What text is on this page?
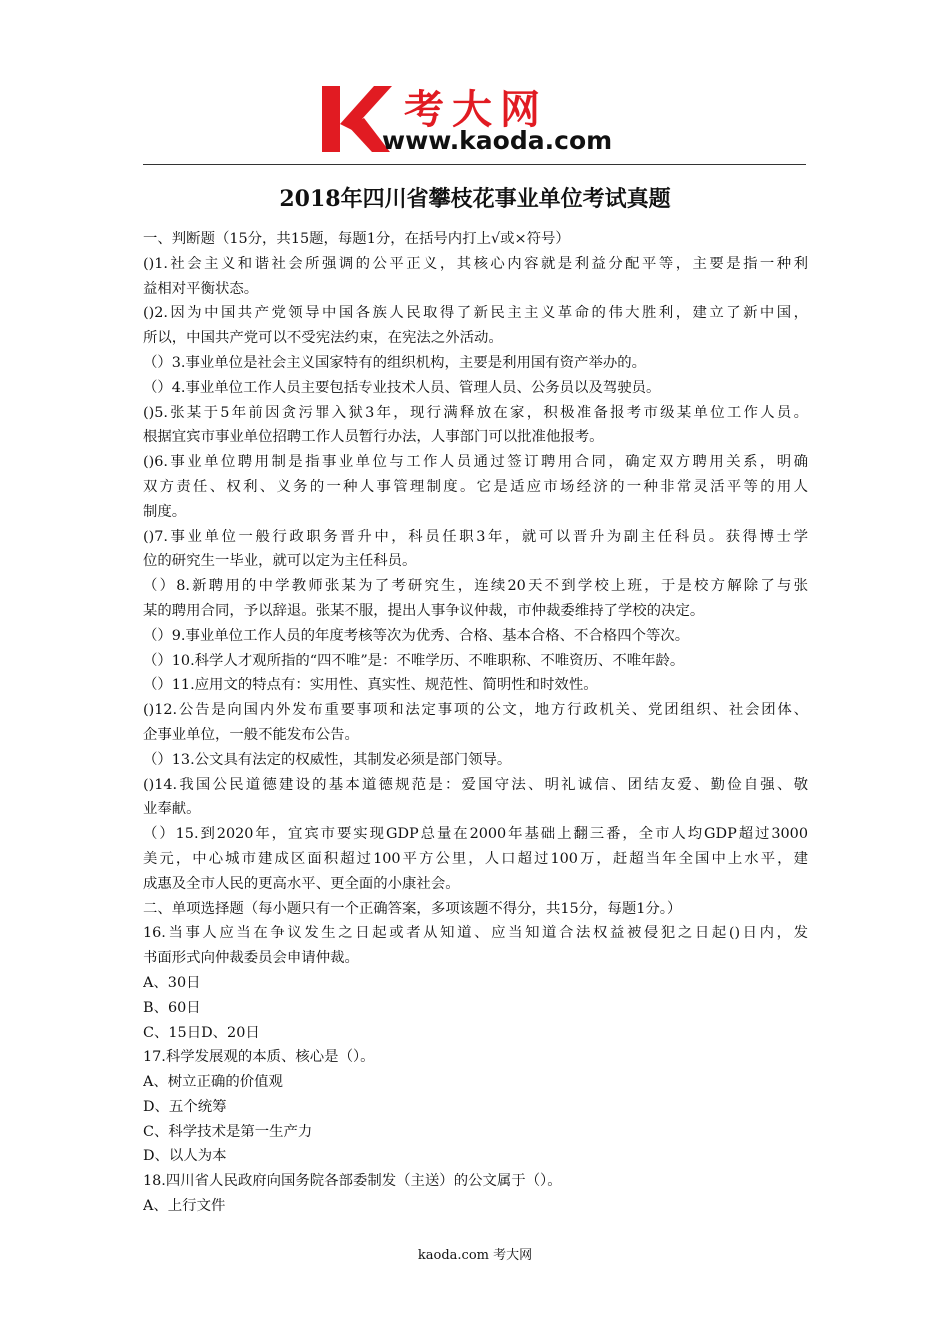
考大网
www.kaoda.com
2018年四川省攀枝花事业单位考试真题
一、判断题（15分，共15题，每题1分，在括号内打上√或×符号）
()1.社会主义和谐社会所强调的公平正义，其核心内容就是利益分配平等，主要是指一种利
益相对平衡状态。
()2.因为中国共产党领导中国各族人民取得了新民主主义革命的伟大胜利，建立了新中国，
所以，中国共产党可以不受宪法约束，在宪法之外活动。
（）3.事业单位是社会主义国家特有的组织机构，主要是利用国有资产举办的。
（）4.事业单位工作人员主要包括专业技术人员、管理人员、公务员以及驾驶员。
()5.张某于5年前因贪污罪入狱3年，现行满释放在家，积极准备报考市级某单位工作人员。
根据宜宾市事业单位招聘工作人员暂行办法，人事部门可以批准他报考。
()6.事业单位聘用制是指事业单位与工作人员通过签订聘用合同，确定双方聘用关系，明确
双方责任、权利、义务的一种人事管理制度。它是适应市场经济的一种非常灵活平等的用人
制度。
()7.事业单位一般行政职务晋升中，科员任职3年，就可以晋升为副主任科员。获得博士学
位的研究生一毕业，就可以定为主任科员。
（）8.新聘用的中学教师张某为了考研究生，连续20天不到学校上班，于是校方解除了与张
某的聘用合同，予以辞退。张某不服，提出人事争议仲裁，市仲裁委维持了学校的决定。
（）9.事业单位工作人员的年度考核等次为优秀、合格、基本合格、不合格四个等次。
（）10.科学人才观所指的“四不唯”是：不唯学历、不唯职称、不唯资历、不唯年龄。
（）11.应用文的特点有：实用性、真实性、规范性、简明性和时效性。
()12.公告是向国内外发布重要事项和法定事项的公文，地方行政机关、党团组织、社会团体、
企事业单位，一般不能发布公告。
（）13.公文具有法定的权威性，其制发必须是部门领导。
()14.我国公民道德建设的基本道德规范是：爱国守法、明礼诚信、团结友爱、勤俭自强、敬
业奉献。
（）15.到2020年，宜宾市要实现GDP总量在2000年基础上翻三番，全市人均GDP超过3000
美元，中心城市建成区面积超过100平方公里，人口超过100万，赶超当年全国中上水平，建
成惠及全市人民的更高水平、更全面的小康社会。
二、单项选择题（每小题只有一个正确答案，多项该题不得分，共15分，每题1分。）
16.当事人应当在争议发生之日起或者从知道、应当知道合法权益被侵犯之日起()日内，发
书面形式向仲裁委员会申请仲裁。
A、30日
B、60日
C、15日D、20日
17.科学发展观的本质、核心是（）。
A、树立正确的价值观
D、五个统筹
C、科学技术是第一生产力
D、以人为本
18.四川省人民政府向国务院各部委制发（主送）的公文属于（）。
A、上行文件
kaoda.com 考大网
